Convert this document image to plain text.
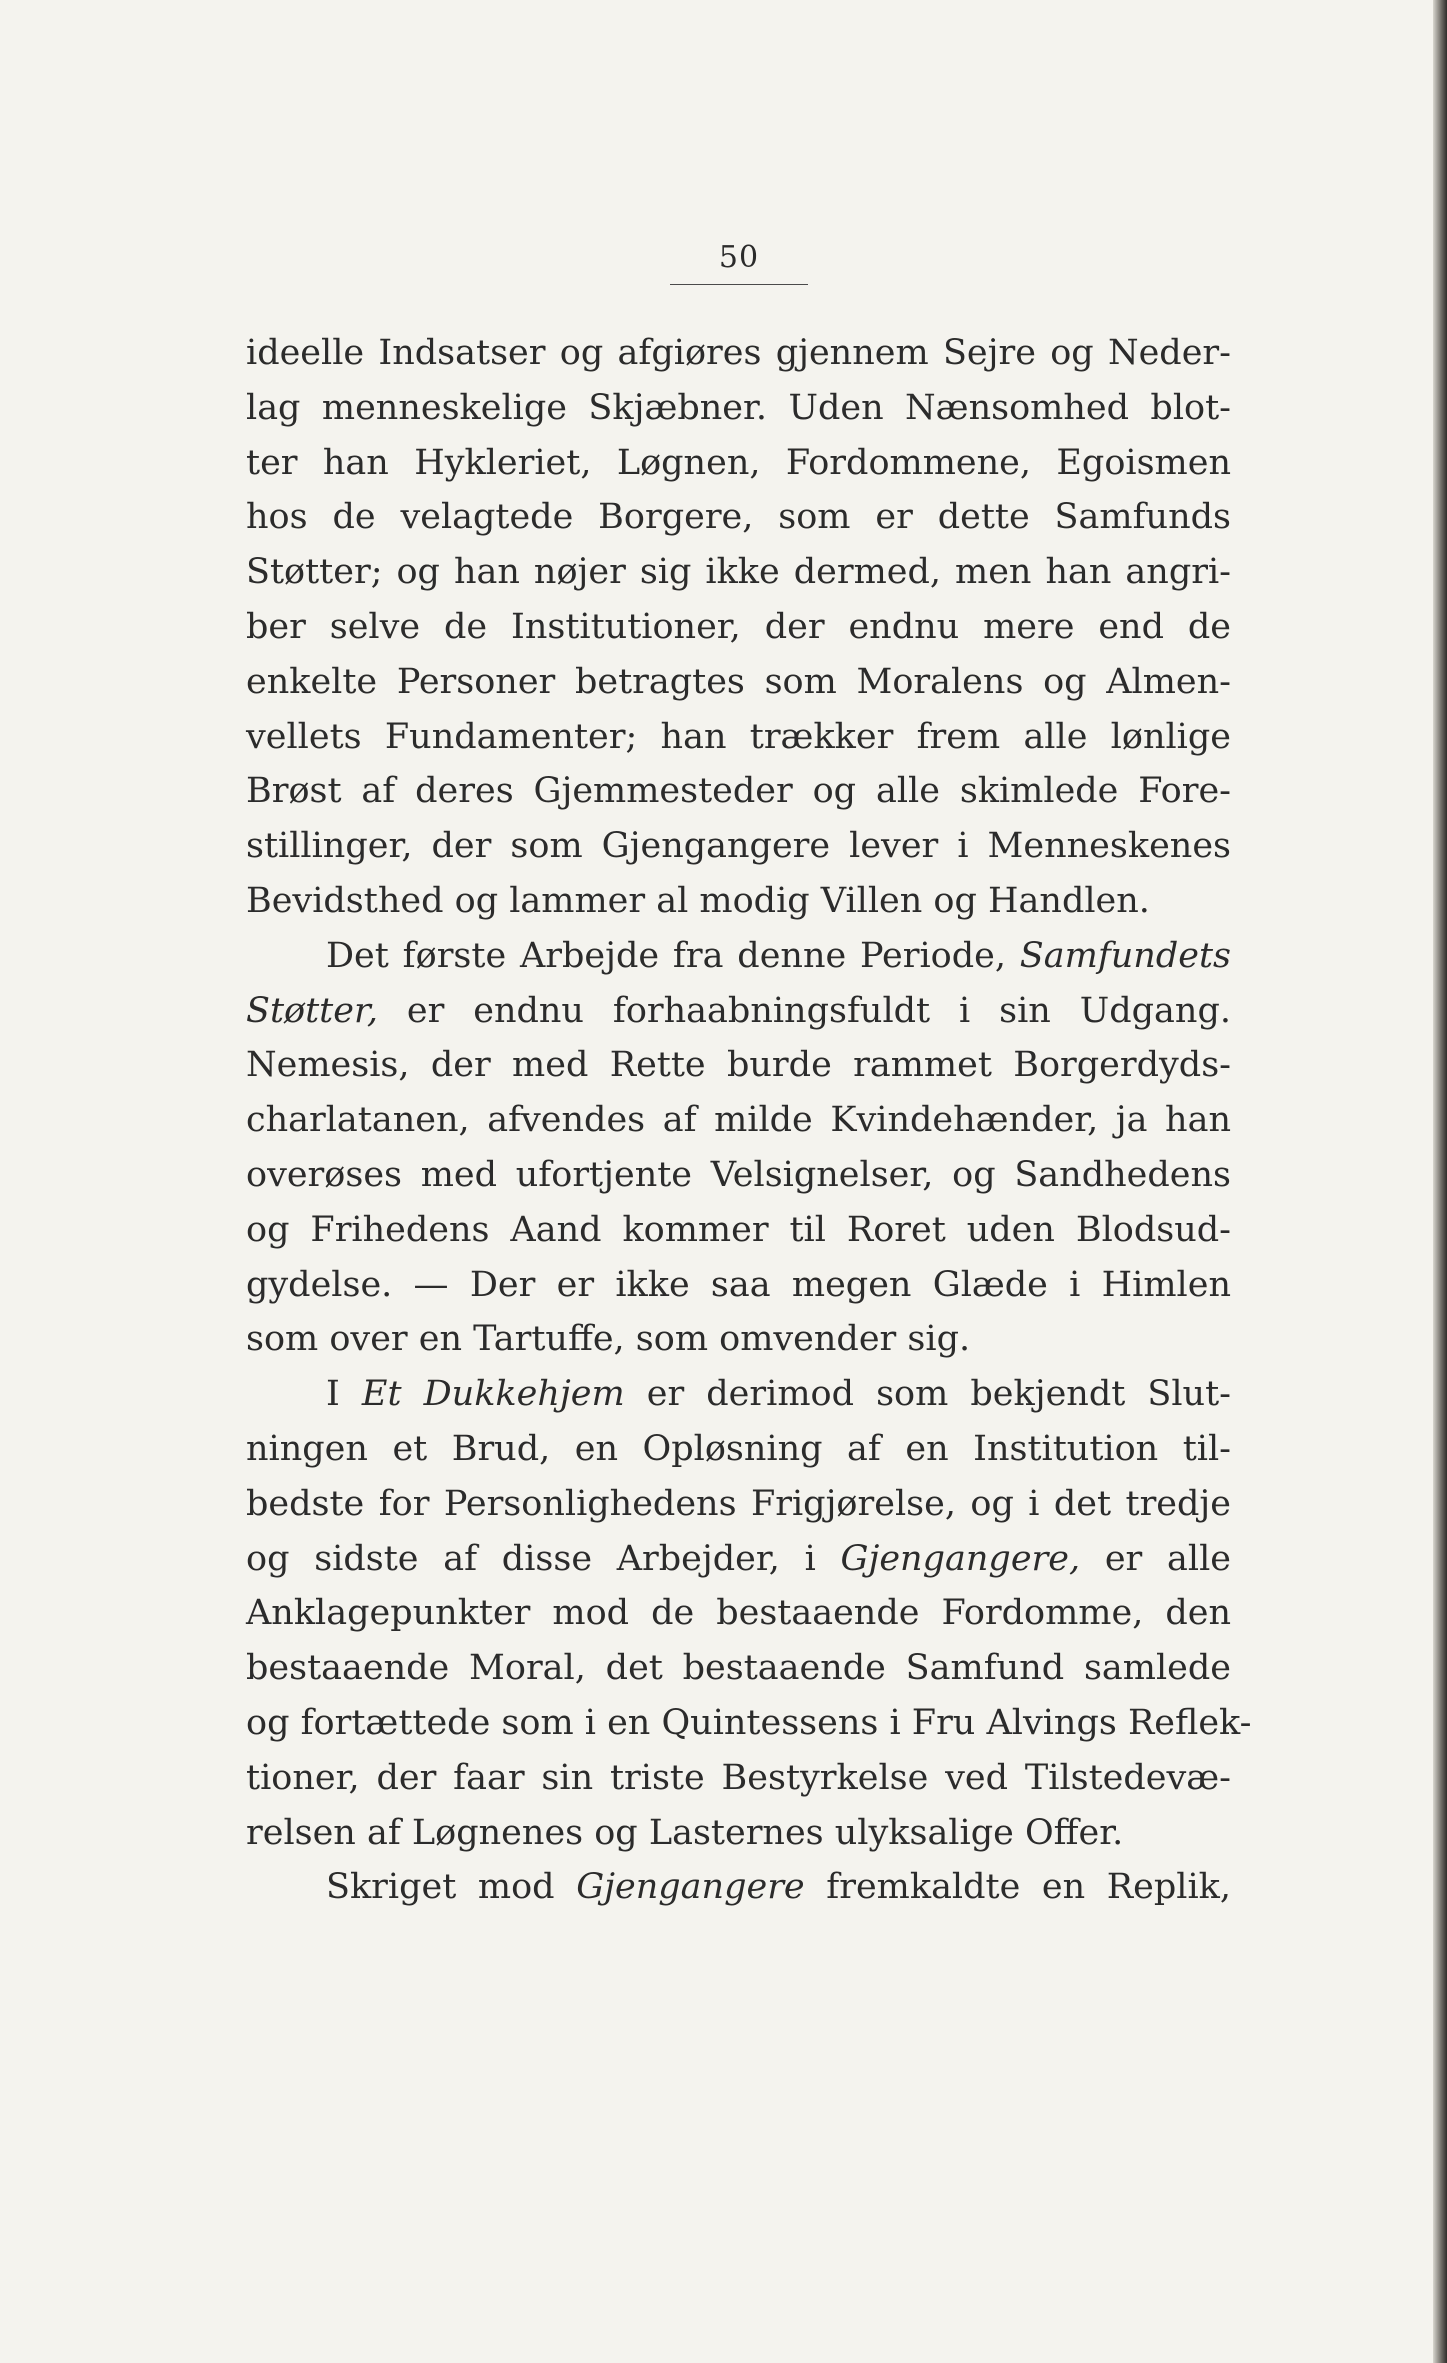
50
ideelle Indsatser og afgiøres gjennem Sejre og Neder-
lag menneskelige Skjæbner. Uden Nænsomhed blot-
ter han Hykleriet, Løgnen, Fordommene, Egoismen
hos de velagtede Borgere, som er dette Samfunds
Støtter; og han nøjer sig ikke dermed, men han angri-
ber selve de Institutioner, der endnu mere end de
enkelte Personer betragtes som Moralens og Almen-
vellets Fundamenter; han trækker frem alle lønlige
Brøst af deres Gjemmesteder og alle skimlede Fore-
stillinger, der som Gjengangere lever i Menneskenes
Bevidsthed og lammer al modig Villen og Handlen.
Det første Arbejde fra denne Periode, Samfundets
Støtter, er endnu forhaabningsfuldt i sin Udgang.
Nemesis, der med Rette burde rammet Borgerdyds-
charlatanen, afvendes af milde Kvindehænder, ja han
overøses med ufortjente Velsignelser, og Sandhedens
og Frihedens Aand kommer til Roret uden Blodsud-
gydelse. — Der er ikke saa megen Glæde i Himlen
som over en Tartuffe, som omvender sig.
I Et Dukkehjem er derimod som bekjendt Slut-
ningen et Brud, en Opløsning af en Institution til-
bedste for Personlighedens Frigjørelse, og i det tredje
og sidste af disse Arbejder, i Gjengangere, er alle
Anklagepunkter mod de bestaaende Fordomme, den
bestaaende Moral, det bestaaende Samfund samlede
og fortættede som i en Quintessens i Fru Alvings Reflek-
tioner, der faar sin triste Bestyrkelse ved Tilstedevæ-
relsen af Løgnenes og Lasternes ulyksalige Offer.
Skriget mod Gjengangere fremkaldte en Replik,
